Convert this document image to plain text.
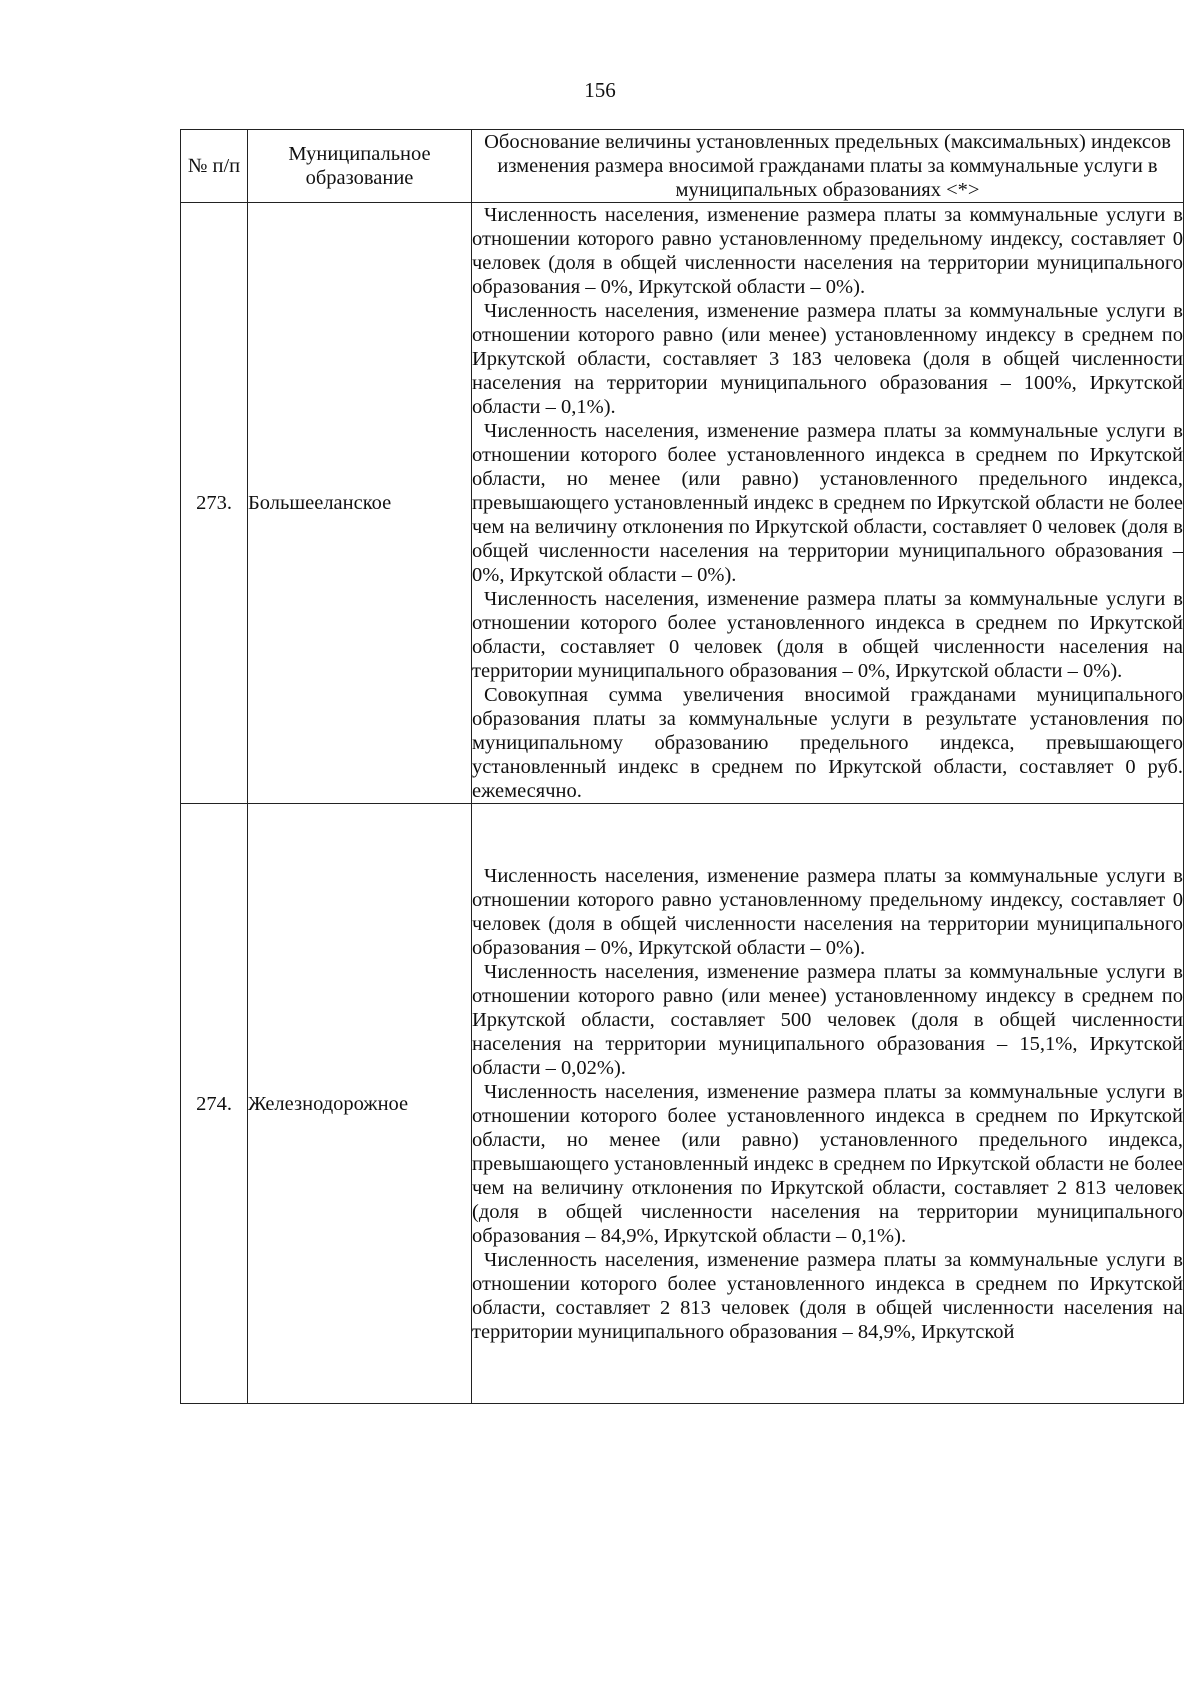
156
№ п/п	Муниципальное образование	Обоснование величины установленных предельных (максимальных) индексов изменения размера вносимой гражданами платы за коммунальные услуги в муниципальных образованиях <*>
273.	Большееланское	Численность населения, изменение размера платы за коммунальные услуги в отношении которого равно установленному предельному индексу, составляет 0 человек (доля в общей численности населения на территории муниципального образования – 0%, Иркутской области – 0%).

Численность населения, изменение размера платы за коммунальные услуги в отношении которого равно (или менее) установленному индексу в среднем по Иркутской области, составляет 3 183 человека (доля в общей численности населения на территории муниципального образования – 100%, Иркутской области – 0,1%).

Численность населения, изменение размера платы за коммунальные услуги в отношении которого более установленного индекса в среднем по Иркутской области, но менее (или равно) установленного предельного индекса, превышающего установленный индекс в среднем по Иркутской области не более чем на величину отклонения по Иркутской области, составляет 0 человек (доля в общей численности населения на территории муниципального образования – 0%, Иркутской области – 0%).

Численность населения, изменение размера платы за коммунальные услуги в отношении которого более установленного индекса в среднем по Иркутской области, составляет 0 человек (доля в общей численности населения на территории муниципального образования – 0%, Иркутской области – 0%).

Совокупная сумма увеличения вносимой гражданами муниципального образования платы за коммунальные услуги в результате установления по муниципальному образованию предельного индекса, превышающего установленный индекс в среднем по Иркутской области, составляет 0 руб. ежемесячно.

274.	Железнодорожное	Численность населения, изменение размера платы за коммунальные услуги в отношении которого равно установленному предельному индексу, составляет 0 человек (доля в общей численности населения на территории муниципального образования – 0%, Иркутской области – 0%).

Численность населения, изменение размера платы за коммунальные услуги в отношении которого равно (или менее) установленному индексу в среднем по Иркутской области, составляет 500 человек (доля в общей численности населения на территории муниципального образования – 15,1%, Иркутской области – 0,02%).

Численность населения, изменение размера платы за коммунальные услуги в отношении которого более установленного индекса в среднем по Иркутской области, но менее (или равно) установленного предельного индекса, превышающего установленный индекс в среднем по Иркутской области не более чем на величину отклонения по Иркутской области, составляет 2 813 человек (доля в общей численности населения на территории муниципального образования – 84,9%, Иркутской области – 0,1%).

Численность населения, изменение размера платы за коммунальные услуги в отношении которого более установленного индекса в среднем по Иркутской области, составляет 2 813 человек (доля в общей численности населения на территории муниципального образования – 84,9%, Иркутской
